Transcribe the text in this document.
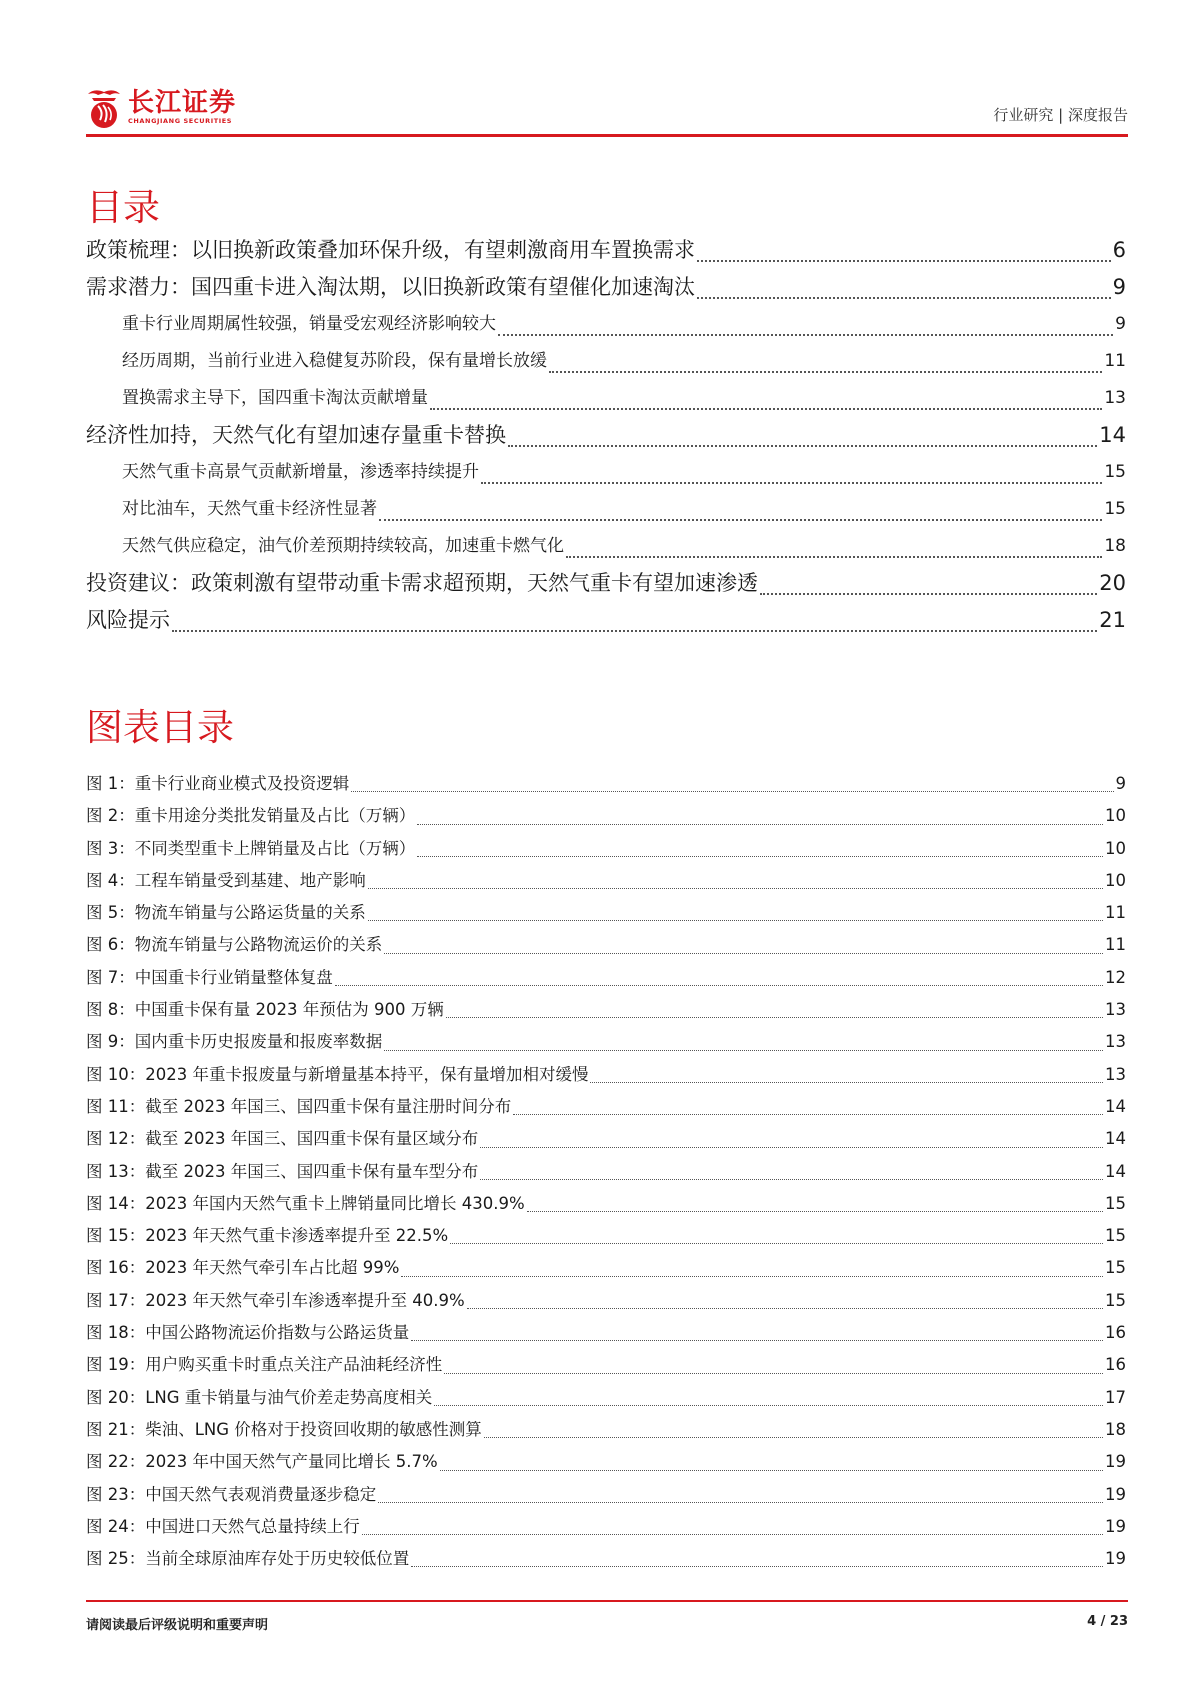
长江证券
CHANGJIANG SECURITIES	行业研究 | 深度报告
目录
政策梳理：以旧换新政策叠加环保升级，有望刺激商用车置换需求	6
需求潜力：国四重卡进入淘汰期，以旧换新政策有望催化加速淘汰	9
重卡行业周期属性较强，销量受宏观经济影响较大	9
经历周期，当前行业进入稳健复苏阶段，保有量增长放缓	11
置换需求主导下，国四重卡淘汰贡献增量	13
经济性加持，天然气化有望加速存量重卡替换	14
天然气重卡高景气贡献新增量，渗透率持续提升	15
对比油车，天然气重卡经济性显著	15
天然气供应稳定，油气价差预期持续较高，加速重卡燃气化	18
投资建议：政策刺激有望带动重卡需求超预期，天然气重卡有望加速渗透	20
风险提示	21
图表目录
图 1：重卡行业商业模式及投资逻辑	9
图 2：重卡用途分类批发销量及占比（万辆）	10
图 3：不同类型重卡上牌销量及占比（万辆）	10
图 4：工程车销量受到基建、地产影响	10
图 5：物流车销量与公路运货量的关系	11
图 6：物流车销量与公路物流运价的关系	11
图 7：中国重卡行业销量整体复盘	12
图 8：中国重卡保有量 2023 年预估为 900 万辆	13
图 9：国内重卡历史报废量和报废率数据	13
图 10：2023 年重卡报废量与新增量基本持平，保有量增加相对缓慢	13
图 11：截至 2023 年国三、国四重卡保有量注册时间分布	14
图 12：截至 2023 年国三、国四重卡保有量区域分布	14
图 13：截至 2023 年国三、国四重卡保有量车型分布	14
图 14：2023 年国内天然气重卡上牌销量同比增长 430.9%	15
图 15：2023 年天然气重卡渗透率提升至 22.5%	15
图 16：2023 年天然气牵引车占比超 99%	15
图 17：2023 年天然气牵引车渗透率提升至 40.9%	15
图 18：中国公路物流运价指数与公路运货量	16
图 19：用户购买重卡时重点关注产品油耗经济性	16
图 20：LNG 重卡销量与油气价差走势高度相关	17
图 21：柴油、LNG 价格对于投资回收期的敏感性测算	18
图 22：2023 年中国天然气产量同比增长 5.7%	19
图 23：中国天然气表观消费量逐步稳定	19
图 24：中国进口天然气总量持续上行	19
图 25：当前全球原油库存处于历史较低位置	19
请阅读最后评级说明和重要声明	4 / 23
